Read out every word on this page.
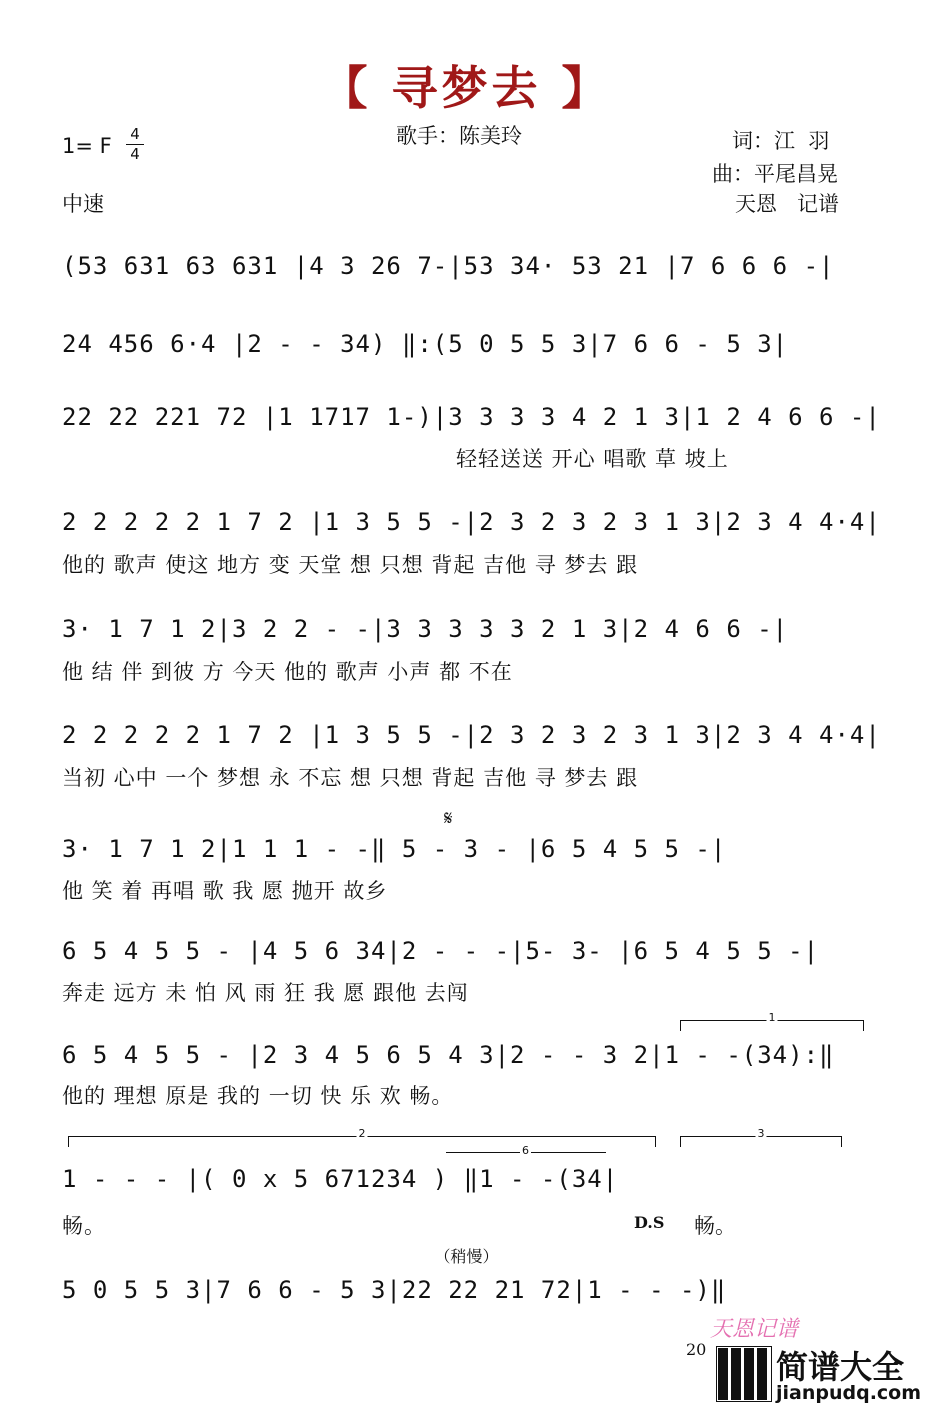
【 寻梦去 】
1= F 4
4
中速
歌手：陈美玲	词：江  羽
曲：平尾昌晃
天恩   记谱
(53 631 63 631 |4 3 26 7-|53 34· 53 21 |7 6 6 6 -|
24 456 6·4 |2 - - 34) ‖:(5 0 5 5 3|7 6 6 - 5 3|
22 22 221 72 |1 1717 1-)|3 3 3 3 4 2 1 3|1 2 4 6 6 -|
轻轻送送 开心 唱歌 草 坡上
2 2 2 2 2 1 7 2 |1 3 5 5 -|2 3 2 3 2 3 1 3|2 3 4 4·4|
他的 歌声 使这 地方 变 天堂 想 只想 背起 吉他 寻 梦去 跟
3· 1 7 1 2|3 2 2 - -|3 3 3 3 3 2 1 3|2 4 6 6 -|
他 结 伴 到彼 方 今天 他的 歌声 小声 都 不在
2 2 2 2 2 1 7 2 |1 3 5 5 -|2 3 2 3 2 3 1 3|2 3 4 4·4|
当初 心中 一个 梦想 永 不忘 想 只想 背起 吉他 寻 梦去 跟
𝄋
3· 1 7 1 2|1 1 1 - -‖ 5 - 3 - |6 5 4 5 5 -|
他 笑 着 再唱 歌 我 愿 抛开 故乡
6 5 4 5 5 - |4 5 6 34|2 - - -|5- 3- |6 5 4 5 5 -|
奔走 远方 未 怕 风 雨 狂 我 愿 跟他 去闯
1
6 5 4 5 5 - |2 3 4 5 6 5 4 3|2 - - 3 2|1 - -(34):‖
他的 理想 原是 我的 一切 快 乐 欢 畅。
2	3
6
1 - - - |( 0 x 5 671234 ) ‖1 - -(34|
畅。	D.S 畅。
（稍慢）
5 0 5 5 3|7 6 6 - 5 3|22 22 21 72|1 - - -)‖
天恩记谱
20 简谱大全
jianpudq.com
